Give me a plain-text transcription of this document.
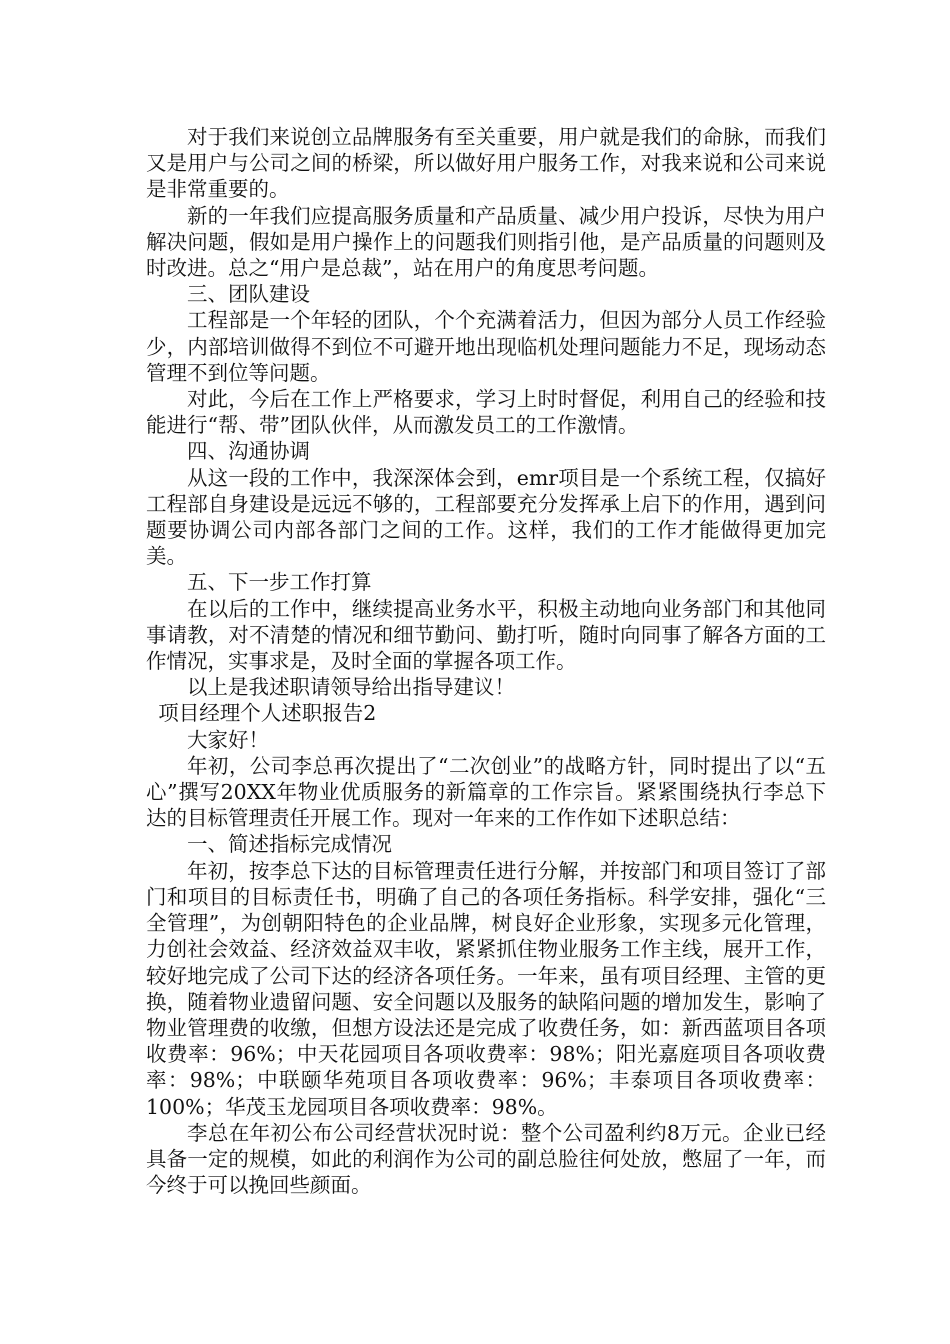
对于我们来说创立品牌服务有至关重要，用户就是我们的命脉，而我们又是用户与公司之间的桥梁，所以做好用户服务工作，对我来说和公司来说是非常重要的。

新的一年我们应提高服务质量和产品质量、减少用户投诉，尽快为用户解决问题，假如是用户操作上的问题我们则指引他，是产品质量的问题则及时改进。总之“用户是总裁”，站在用户的角度思考问题。

三、团队建设

工程部是一个年轻的团队，个个充满着活力，但因为部分人员工作经验少，内部培训做得不到位不可避开地出现临机处理问题能力不足，现场动态管理不到位等问题。

对此，今后在工作上严格要求，学习上时时督促，利用自己的经验和技能进行“帮、带”团队伙伴，从而激发员工的工作激情。

四、沟通协调

从这一段的工作中，我深深体会到，emr项目是一个系统工程，仅搞好工程部自身建设是远远不够的，工程部要充分发挥承上启下的作用，遇到问题要协调公司内部各部门之间的工作。这样，我们的工作才能做得更加完美。

五、下一步工作打算

在以后的工作中，继续提高业务水平，积极主动地向业务部门和其他同事请教，对不清楚的情况和细节勤问、勤打听，随时向同事了解各方面的工作情况，实事求是，及时全面的掌握各项工作。

以上是我述职请领导给出指导建议！

项目经理个人述职报告2

大家好！

年初，公司李总再次提出了“二次创业”的战略方针，同时提出了以“五心”撰写20XX年物业优质服务的新篇章的工作宗旨。紧紧围绕执行李总下达的目标管理责任开展工作。现对一年来的工作作如下述职总结：

一、简述指标完成情况

年初，按李总下达的目标管理责任进行分解，并按部门和项目签订了部门和项目的目标责任书，明确了自己的各项任务指标。科学安排，强化“三全管理”，为创朝阳特色的企业品牌，树良好企业形象，实现多元化管理，力创社会效益、经济效益双丰收，紧紧抓住物业服务工作主线，展开工作，较好地完成了公司下达的经济各项任务。一年来，虽有项目经理、主管的更换，随着物业遗留问题、安全问题以及服务的缺陷问题的增加发生，影响了物业管理费的收缴，但想方设法还是完成了收费任务，如：新西蓝项目各项收费率：96%；中天花园项目各项收费率：98%；阳光嘉庭项目各项收费率：98%；中联颐华苑项目各项收费率：96%；丰泰项目各项收费率：100%；华茂玉龙园项目各项收费率：98%。

李总在年初公布公司经营状况时说：整个公司盈利约8万元。企业已经具备一定的规模，如此的利润作为公司的副总脸往何处放，憋屈了一年，而今终于可以挽回些颜面。
